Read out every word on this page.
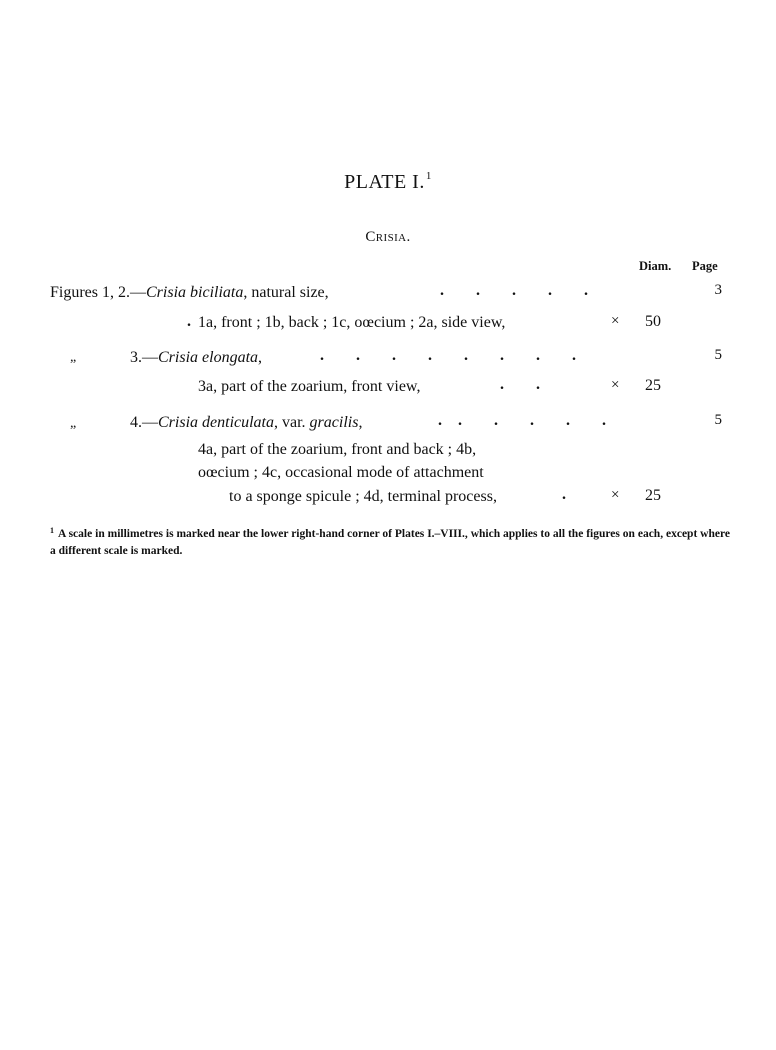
PLATE I.$^1$
Crisia.
Diam. Page
Figures 1, 2.—Crisia biciliata, natural size,	.        .        .        .        .	3
. 1a, front ; 1b, back ; 1c, oœcium ; 2a, side view,	× 50
„	3.—Crisia elongata,	.        .        .        .        .        .        .        .	5
3a, part of the zoarium, front view,	.        .	× 25
„	4.—Crisia denticulata, var. gracilis,	.    .        .        .        .        .	5
4a, part of the zoarium, front and back ; 4b,
oœcium ; 4c, occasional mode of attachment
to a sponge spicule ; 4d, terminal process,	.	× 25
$^1$ A scale in millimetres is marked near the lower right-hand corner of Plates I.–VIII., which applies to all the figures on each, except where a different scale is marked.
